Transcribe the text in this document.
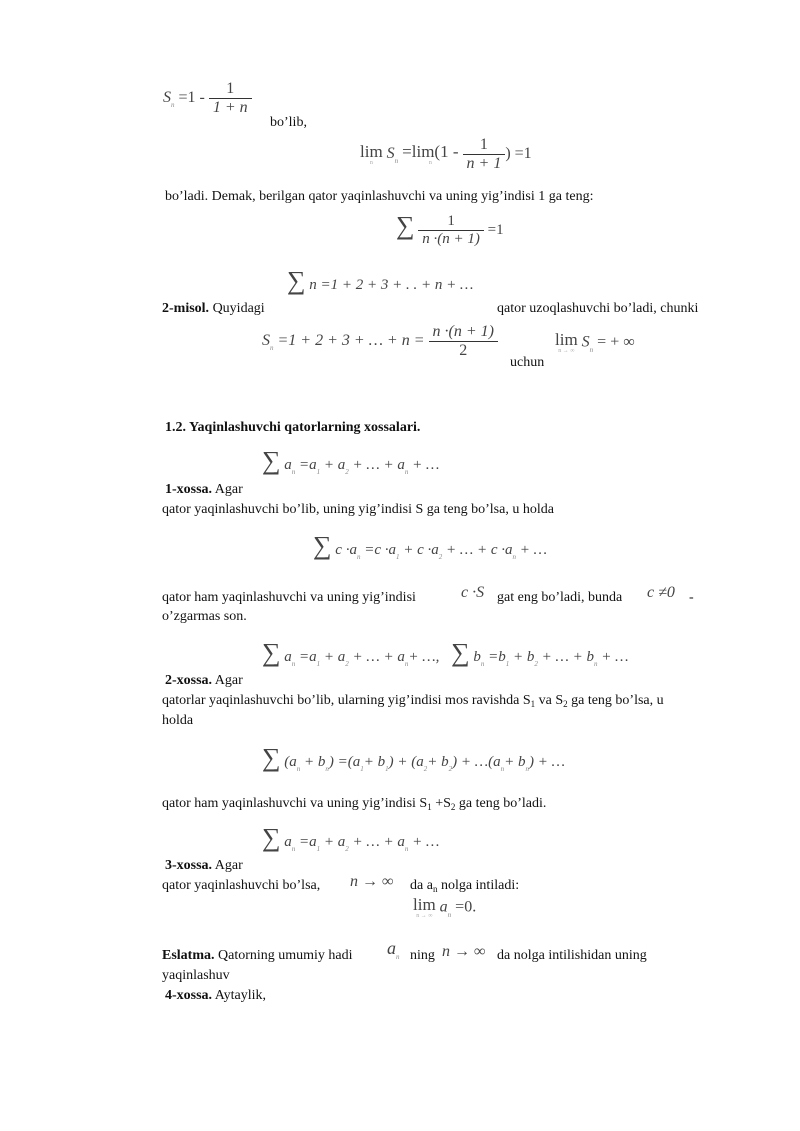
$S_n =1 - \frac{1}{1 + n}$
bo’lib,
lim
n
$S_n$
=lim(1 -
n
	$\frac{1}{n + 1}$ ) =1
bo’ladi. Demak, berilgan qator yaqinlashuvchi va uning yig’indisi 1 ga teng:
∑ $\frac{1}{n \cdot(n + 1)} =1$
∑ n =1 + 2 + 3 + . . + n + …
2-misol. Quyidagi	qator uzoqlashuvchi bo’ladi, chunki
$S_n =1 + 2 + 3$ + … + $n = \frac{n \cdot(n + 1)}{2}$
uchun
lim
n → ∞
$S_n$ = + ∞
1.2. Yaqinlashuvchi qatorlarning xossalari.
∑ $a_n =a_1 + a_2$ + … + $a_n$ + …
1-xossa. Agar
qator yaqinlashuvchi bo’lib, uning yig’indisi S ga teng bo’lsa, u holda
∑ $c \cdot a_n =c \cdot a_1 + c \cdot a_2$ + … + $c \cdot a_n$ + …
qator ham yaqinlashuvchi va uning yig’indisi	c ·S gat eng bo’ladi, bunda c ≠0 -
o’zgarmas son.
∑ $a_n =a_1 + a_2$ + … + $a_n+$ …, ∑ $b_n =b_1 + b_2$ + … + $b_n$ + …
2-xossa. Agar
qatorlar yaqinlashuvchi bo’lib, ularning yig’indisi mos ravishda $S_1$ va $S_2$ ga teng bo’lsa, u
holda
∑ $(a_n + b_n) =(a_1+ b_1) + (a_2+ b_2)$ + $\dots(a_n+ b_n)$ + …
qator ham yaqinlashuvchi va uning yig’indisi $S_1 +S_2$ ga teng bo’ladi.
∑ $a_n =a_1 + a_2$ + … + $a_n$ + …
3-xossa. Agar
qator yaqinlashuvchi bo’lsa, n → ∞ da $a_n$ nolga intiladi:
lim
n → ∞
$a_n =0$.
Eslatma. Qatorning umumiy hadi $a_n$ ning n → ∞ da nolga intilishidan uning
yaqinlashuv
4-xossa. Aytaylik,
